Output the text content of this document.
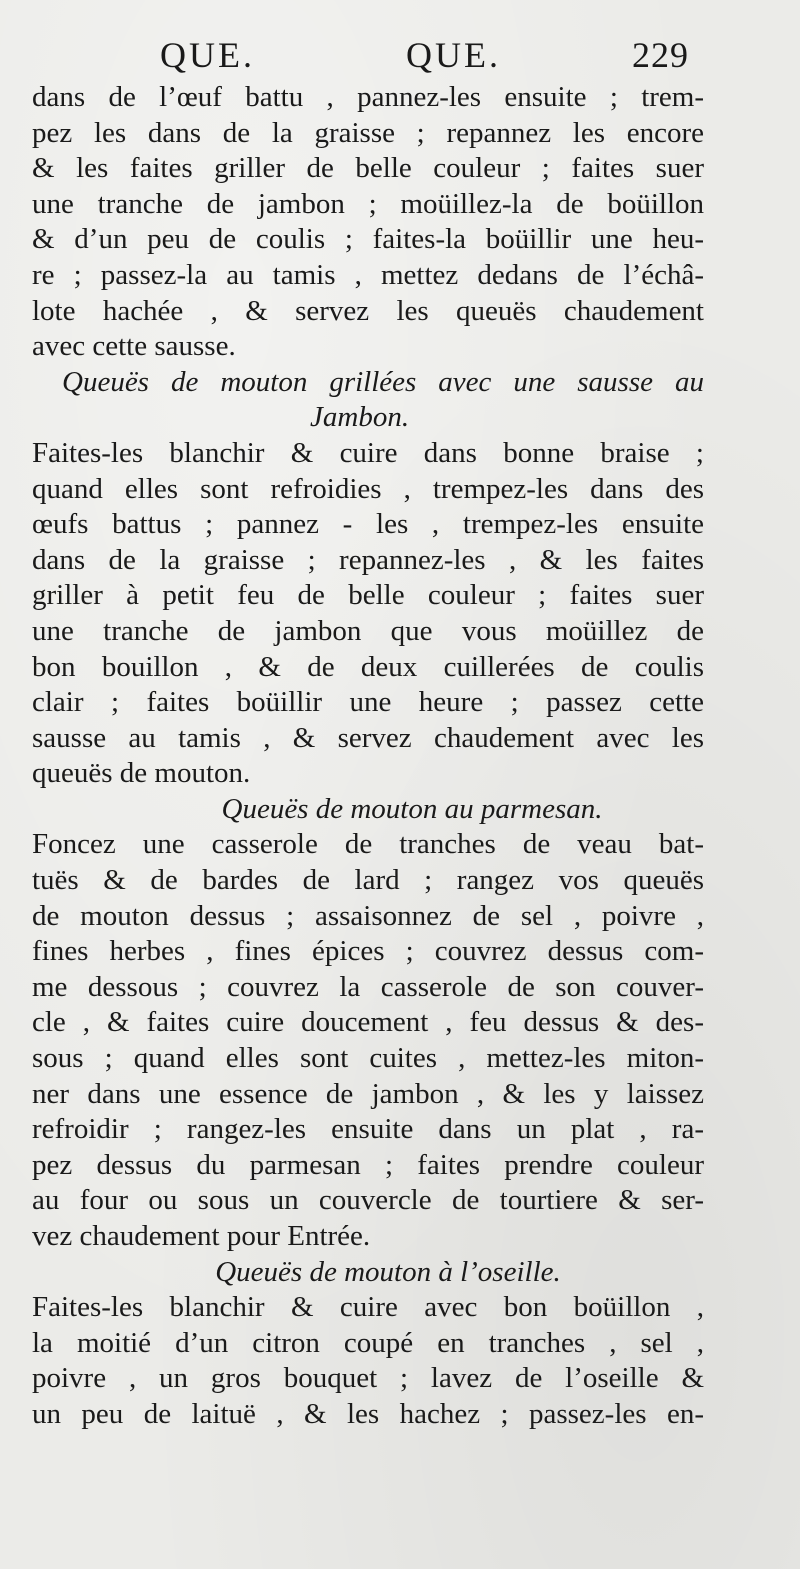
QUE.	QUE.	229
dans de l’œuf battu , pannez-les ensuite ; trem-
pez les dans de la graisse ; repannez les encore
& les faites griller de belle couleur ; faites suer
une tranche de jambon ; moüillez-la de boüillon
& d’un peu de coulis ; faites-la boüillir une heu-
re ; passez-la au tamis , mettez dedans de l’échâ-
lote hachée , & servez les queuës chaudement
avec cette sausse.
Queuës de mouton grillées avec une sausse au
Jambon.
Faites-les blanchir & cuire dans bonne braise ;
quand elles sont refroidies , trempez-les dans des
œufs battus ; pannez - les , trempez-les ensuite
dans de la graisse ; repannez-les , & les faites
griller à petit feu de belle couleur ; faites suer
une tranche de jambon que vous moüillez de
bon bouillon , & de deux cuillerées de coulis
clair ; faites boüillir une heure ; passez cette
sausse au tamis , & servez chaudement avec les
queuës de mouton.
Queuës de mouton au parmesan.
Foncez une casserole de tranches de veau bat-
tuës & de bardes de lard ; rangez vos queuës
de mouton dessus ; assaisonnez de sel , poivre ,
fines herbes , fines épices ; couvrez dessus com-
me dessous ; couvrez la casserole de son couver-
cle , & faites cuire doucement , feu dessus & des-
sous ; quand elles sont cuites , mettez-les miton-
ner dans une essence de jambon , & les y laissez
refroidir ; rangez-les ensuite dans un plat , ra-
pez dessus du parmesan ; faites prendre couleur
au four ou sous un couvercle de tourtiere & ser-
vez chaudement pour Entrée.
Queuës de mouton à l’oseille.
Faites-les blanchir & cuire avec bon boüillon ,
la moitié d’un citron coupé en tranches , sel ,
poivre , un gros bouquet ; lavez de l’oseille &
un peu de laituë , & les hachez ; passez-les en-
